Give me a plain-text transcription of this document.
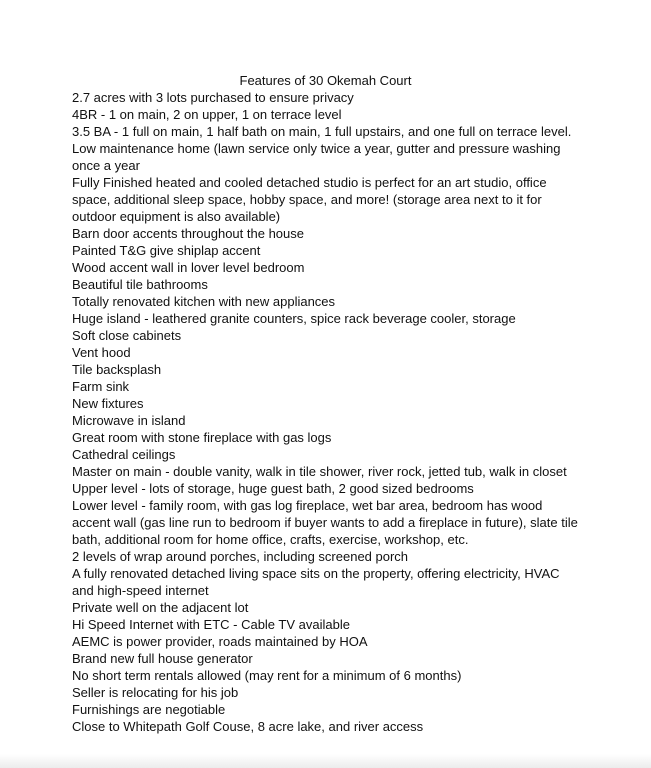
Features of 30 Okemah Court
2.7 acres with 3 lots purchased to ensure privacy
4BR - 1 on main, 2 on upper, 1 on terrace level
3.5 BA - 1 full on main, 1 half bath on main, 1 full upstairs, and one full on terrace level.
Low maintenance home (lawn service only twice a year, gutter and pressure washing
once a year
Fully Finished heated and cooled detached studio is perfect for an art studio, office
space, additional sleep space, hobby space, and more! (storage area next to it for
outdoor equipment is also available)
Barn door accents throughout the house
Painted T&G give shiplap accent
Wood accent wall in lover level bedroom
Beautiful tile bathrooms
Totally renovated kitchen with new appliances
Huge island - leathered granite counters, spice rack beverage cooler, storage
Soft close cabinets
Vent hood
Tile backsplash
Farm sink
New fixtures
Microwave in island
Great room with stone fireplace with gas logs
Cathedral ceilings
Master on main - double vanity, walk in tile shower, river rock, jetted tub, walk in closet
Upper level - lots of storage, huge guest bath, 2 good sized bedrooms
Lower level - family room, with gas log fireplace, wet bar area, bedroom has wood
accent wall (gas line run to bedroom if buyer wants to add a fireplace in future), slate tile
bath, additional room for home office, crafts, exercise, workshop, etc.
2 levels of wrap around porches, including screened porch
A fully renovated detached living space sits on the property, offering electricity, HVAC
and high-speed internet
Private well on the adjacent lot
Hi Speed Internet with ETC - Cable TV available
AEMC is power provider, roads maintained by HOA
Brand new full house generator
No short term rentals allowed (may rent for a minimum of 6 months)
Seller is relocating for his job
Furnishings are negotiable
Close to Whitepath Golf Couse, 8 acre lake, and river access
